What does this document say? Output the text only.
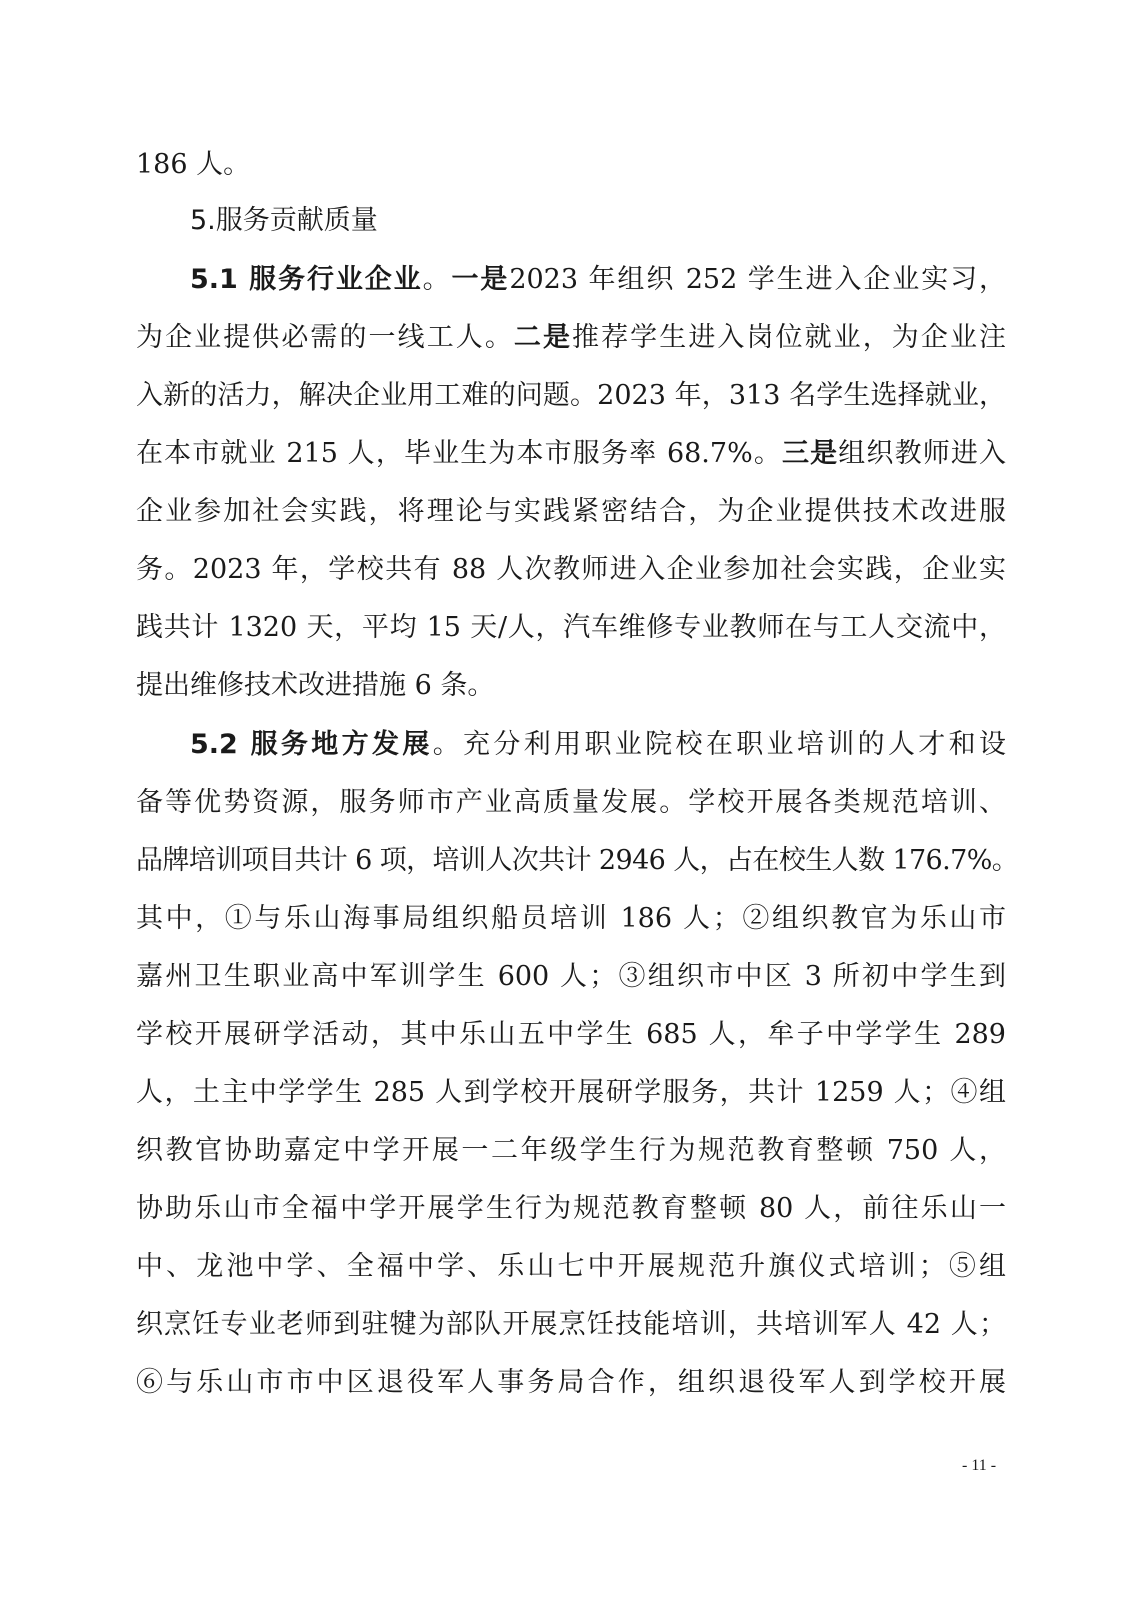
186 人。
5.服务贡献质量
5.1 服务行业企业。一是2023 年组织 252 学生进入企业实习，
为企业提供必需的一线工人。二是推荐学生进入岗位就业，为企业注
入新的活力，解决企业用工难的问题。2023 年，313 名学生选择就业，
在本市就业 215 人，毕业生为本市服务率 68.7%。三是组织教师进入
企业参加社会实践，将理论与实践紧密结合，为企业提供技术改进服
务。2023 年，学校共有 88 人次教师进入企业参加社会实践，企业实
践共计 1320 天，平均 15 天/人，汽车维修专业教师在与工人交流中，
提出维修技术改进措施 6 条。
5.2 服务地方发展。充分利用职业院校在职业培训的人才和设
备等优势资源，服务师市产业高质量发展。学校开展各类规范培训、
品牌培训项目共计 6 项，培训人次共计 2946 人，占在校生人数 176.7%。
其中，①与乐山海事局组织船员培训 186 人；②组织教官为乐山市
嘉州卫生职业高中军训学生 600 人；③组织市中区 3 所初中学生到
学校开展研学活动，其中乐山五中学生 685 人，牟子中学学生 289
人，土主中学学生 285 人到学校开展研学服务，共计 1259 人；④组
织教官协助嘉定中学开展一二年级学生行为规范教育整顿 750 人，
协助乐山市全福中学开展学生行为规范教育整顿 80 人，前往乐山一
中、龙池中学、全福中学、乐山七中开展规范升旗仪式培训；⑤组
织烹饪专业老师到驻犍为部队开展烹饪技能培训，共培训军人 42 人；
⑥与乐山市市中区退役军人事务局合作，组织退役军人到学校开展
- 11 -
